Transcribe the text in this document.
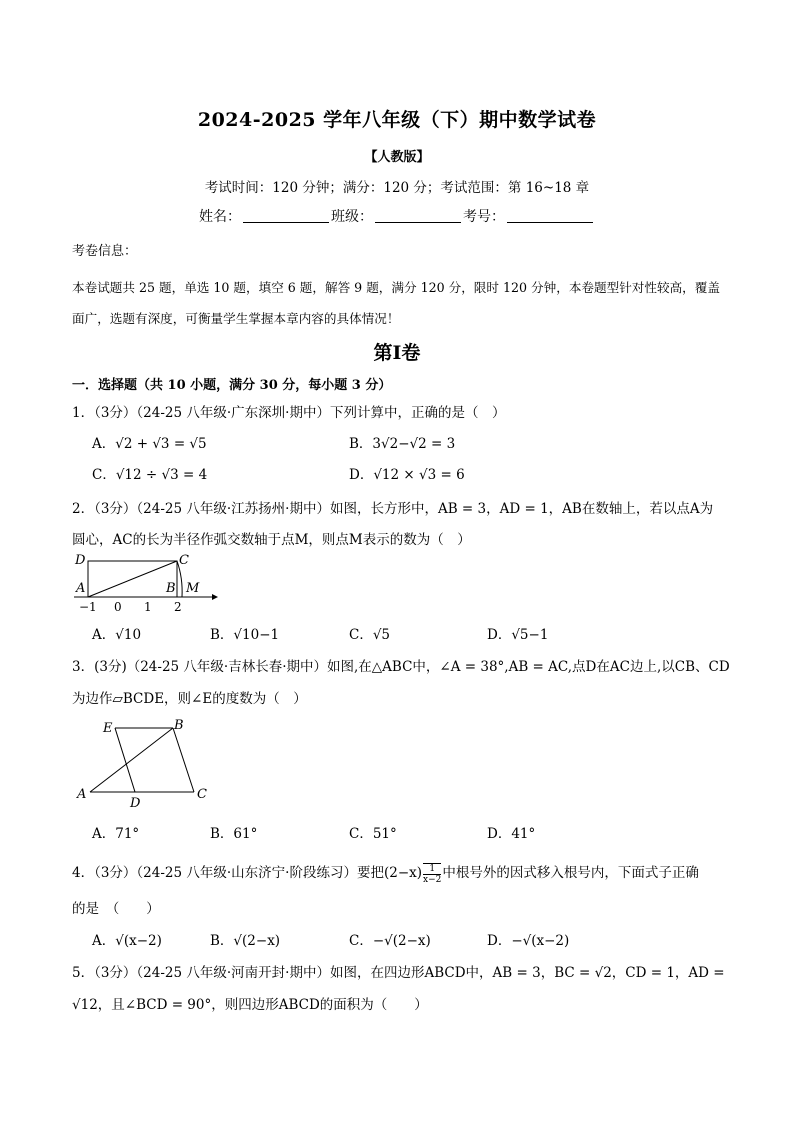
2024-2025 学年八年级（下）期中数学试卷
【人教版】
考试时间：120 分钟；满分：120 分；考试范围：第 16~18 章
姓名：	班级：	考号：
考卷信息：
本卷试题共 25 题，单选 10 题，填空 6 题，解答 9 题，满分 120 分，限时 120 分钟，本卷题型针对性较高，覆盖面广，选题有深度，可衡量学生掌握本章内容的具体情况！
第Ⅰ卷
一．选择题（共 10 小题，满分 30 分，每小题 3 分）
1．（3分）（24-25 八年级·广东深圳·期中）下列计算中，正确的是（　）
A．√2 + √3 = √5	B．3√2−√2 = 3
C．√12 ÷ √3 = 4	D．√12 × √3 = 6
2．（3分）（24-25 八年级·江苏扬州·期中）如图，长方形中，AB = 3，AD = 1，AB在数轴上，若以点A为
圆心，AC的长为半径作弧交数轴于点M，则点M表示的数为（　）
D	C
A	B M
−1 0 1 2
A．√10	B．√10−1	C．√5	D．√5−1
3．(3分)（24-25 八年级·吉林长春·期中）如图,在△ABC中，∠A = 38°,AB = AC,点D在AC边上,以CB、CD
为边作▱BCDE，则∠E的度数为（　）
E	B
A
D
C
A．71°	B．61°	C．51°	D．41°
4．（3分）（24-25 八年级·山东济宁·阶段练习）要把$(2-x) \frac{1}{x-2}$ 中根号外的因式移入根号内，下面式子正确
的是　（　　）
A．√(x−2)	B．√(2−x)	C．−√(2−x)	D．−√(x−2)
5．（3分）（24-25 八年级·河南开封·期中）如图，在四边形ABCD中，AB = 3，BC = √2，CD = 1，AD =
√12，且∠BCD = 90°，则四边形ABCD的面积为（　　）
